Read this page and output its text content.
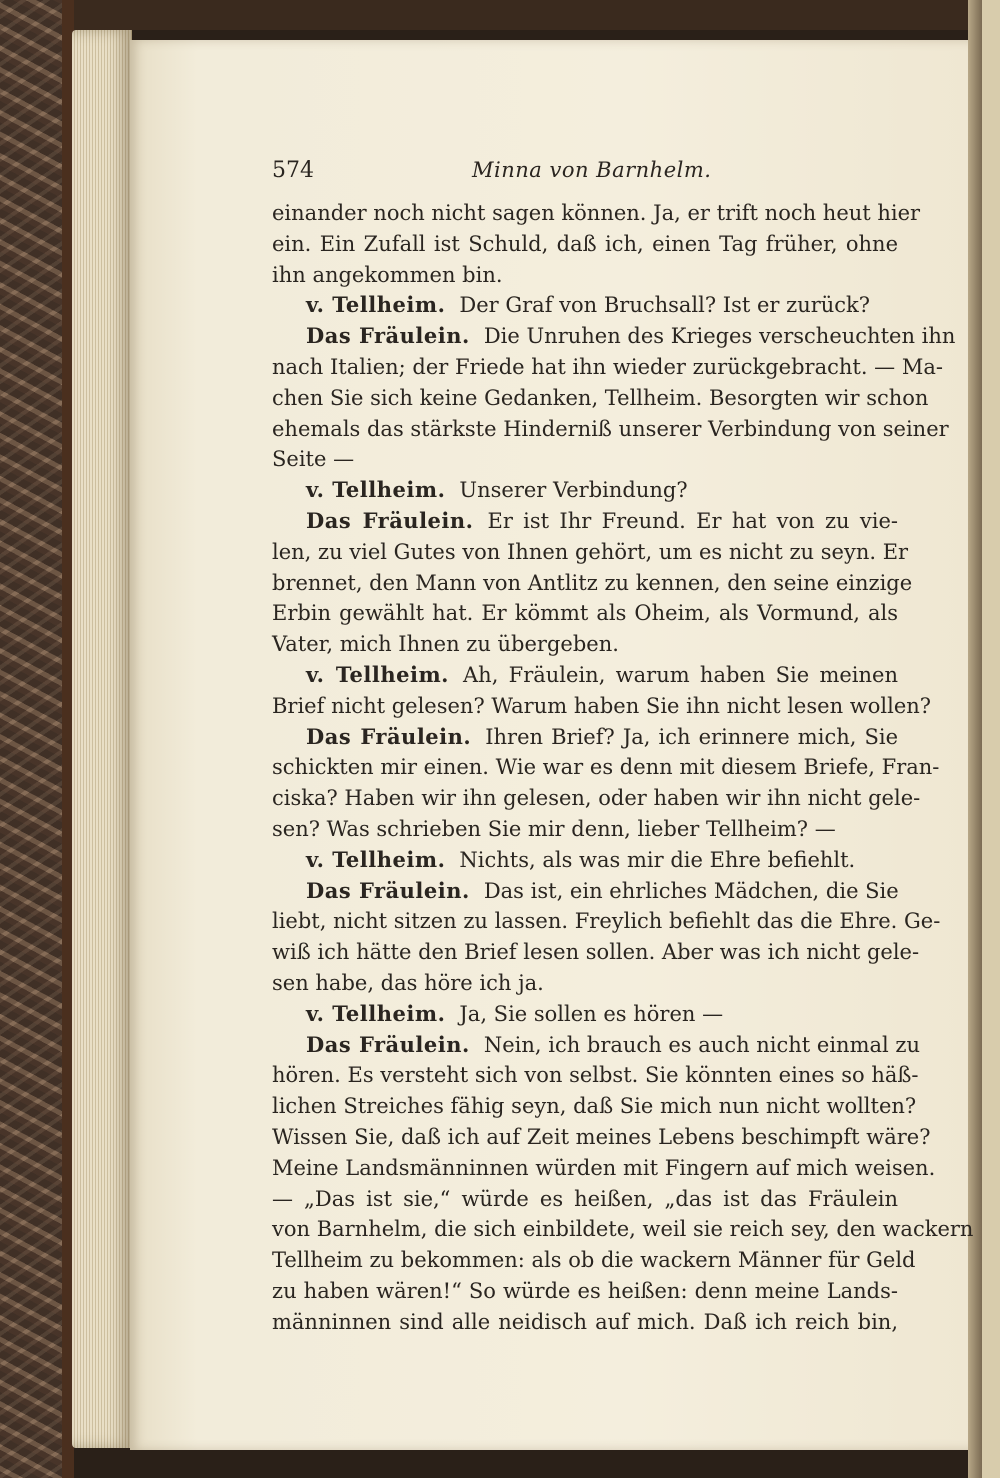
574	Minna von Barnhelm.
einander noch nicht sagen können. Ja, er trift noch heut hier
ein. Ein Zufall ist Schuld, daß ich, einen Tag früher, ohne
ihn angekommen bin.
v. Tellheim. Der Graf von Bruchsall? Ist er zurück?
Das Fräulein. Die Unruhen des Krieges verscheuchten ihn
nach Italien; der Friede hat ihn wieder zurückgebracht. — Ma-
chen Sie sich keine Gedanken, Tellheim. Besorgten wir schon
ehemals das stärkste Hinderniß unserer Verbindung von seiner
Seite —
v. Tellheim. Unserer Verbindung?
Das Fräulein. Er ist Ihr Freund. Er hat von zu vie-
len, zu viel Gutes von Ihnen gehört, um es nicht zu seyn. Er
brennet, den Mann von Antlitz zu kennen, den seine einzige
Erbin gewählt hat. Er kömmt als Oheim, als Vormund, als
Vater, mich Ihnen zu übergeben.
v. Tellheim. Ah, Fräulein, warum haben Sie meinen
Brief nicht gelesen? Warum haben Sie ihn nicht lesen wollen?
Das Fräulein. Ihren Brief? Ja, ich erinnere mich, Sie
schickten mir einen. Wie war es denn mit diesem Briefe, Fran-
ciska? Haben wir ihn gelesen, oder haben wir ihn nicht gele-
sen? Was schrieben Sie mir denn, lieber Tellheim? —
v. Tellheim. Nichts, als was mir die Ehre befiehlt.
Das Fräulein. Das ist, ein ehrliches Mädchen, die Sie
liebt, nicht sitzen zu lassen. Freylich befiehlt das die Ehre. Ge-
wiß ich hätte den Brief lesen sollen. Aber was ich nicht gele-
sen habe, das höre ich ja.
v. Tellheim. Ja, Sie sollen es hören —
Das Fräulein. Nein, ich brauch es auch nicht einmal zu
hören. Es versteht sich von selbst. Sie könnten eines so häß-
lichen Streiches fähig seyn, daß Sie mich nun nicht wollten?
Wissen Sie, daß ich auf Zeit meines Lebens beschimpft wäre?
Meine Landsmänninnen würden mit Fingern auf mich weisen.
— „Das ist sie,“ würde es heißen, „das ist das Fräulein
von Barnhelm, die sich einbildete, weil sie reich sey, den wackern
Tellheim zu bekommen: als ob die wackern Männer für Geld
zu haben wären!“ So würde es heißen: denn meine Lands-
männinnen sind alle neidisch auf mich. Daß ich reich bin,
